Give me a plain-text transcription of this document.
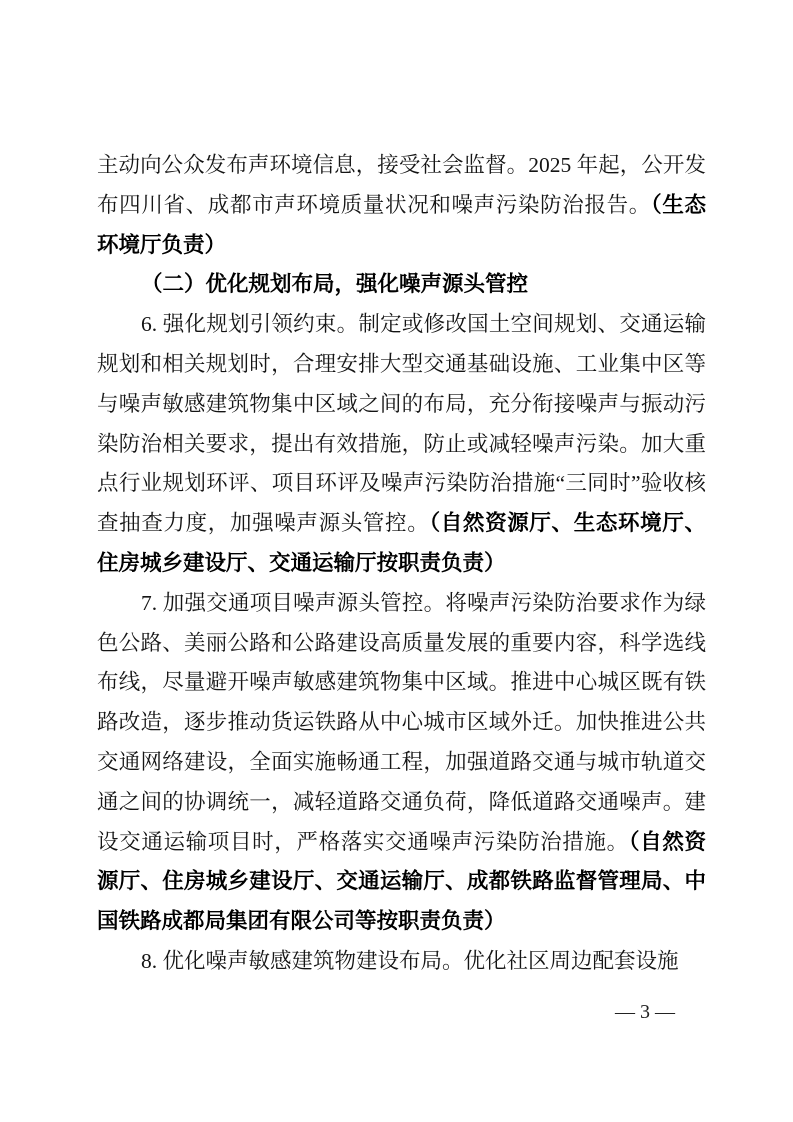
主动向公众发布声环境信息，接受社会监督。2025 年起，公开发布四川省、成都市声环境质量状况和噪声污染防治报告。（生态环境厅负责）

（二）优化规划布局，强化噪声源头管控

6. 强化规划引领约束。制定或修改国土空间规划、交通运输规划和相关规划时，合理安排大型交通基础设施、工业集中区等与噪声敏感建筑物集中区域之间的布局，充分衔接噪声与振动污染防治相关要求，提出有效措施，防止或减轻噪声污染。加大重点行业规划环评、项目环评及噪声污染防治措施“三同时”验收核查抽查力度，加强噪声源头管控。（自然资源厅、生态环境厅、住房城乡建设厅、交通运输厅按职责负责）

7. 加强交通项目噪声源头管控。将噪声污染防治要求作为绿色公路、美丽公路和公路建设高质量发展的重要内容，科学选线布线，尽量避开噪声敏感建筑物集中区域。推进中心城区既有铁路改造，逐步推动货运铁路从中心城市区域外迁。加快推进公共交通网络建设，全面实施畅通工程，加强道路交通与城市轨道交通之间的协调统一，减轻道路交通负荷，降低道路交通噪声。建设交通运输项目时，严格落实交通噪声污染防治措施。（自然资源厅、住房城乡建设厅、交通运输厅、成都铁路监督管理局、中国铁路成都局集团有限公司等按职责负责）

8. 优化噪声敏感建筑物建设布局。优化社区周边配套设施

— 3 —
